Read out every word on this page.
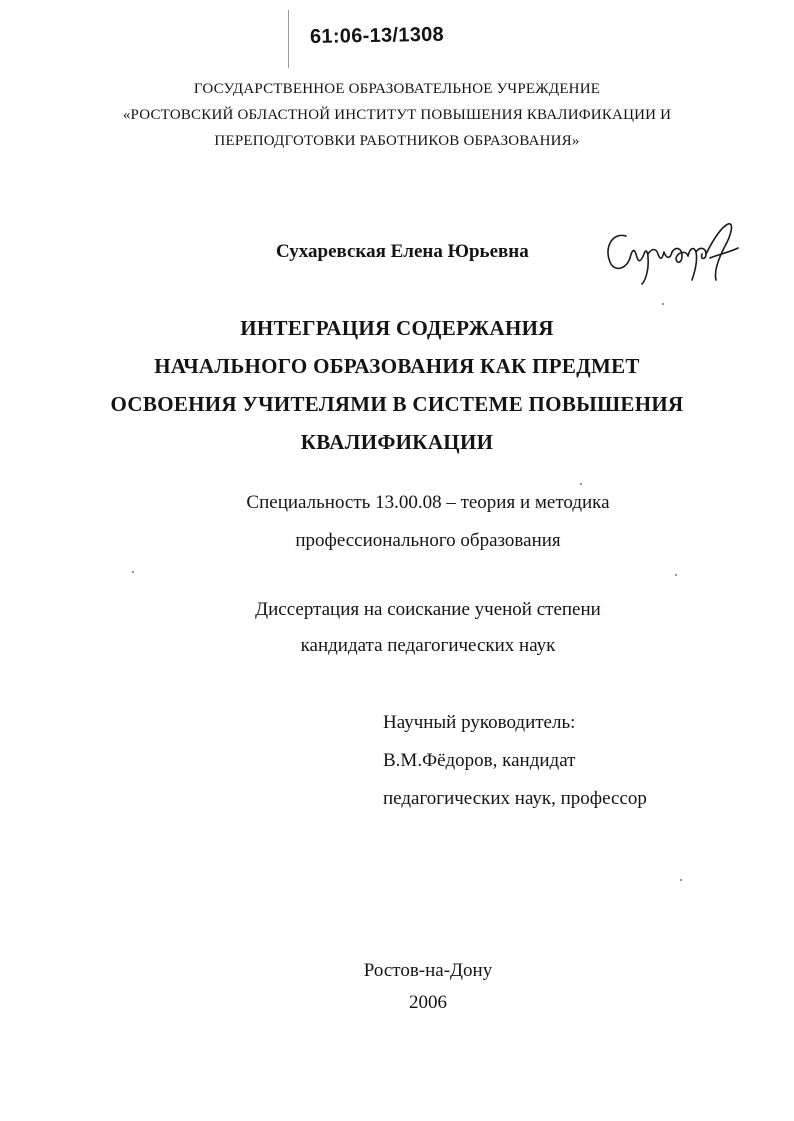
61:06-13/1308
ГОСУДАРСТВЕННОЕ ОБРАЗОВАТЕЛЬНОЕ УЧРЕЖДЕНИЕ
«РОСТОВСКИЙ ОБЛАСТНОЙ ИНСТИТУТ ПОВЫШЕНИЯ КВАЛИФИКАЦИИ И
ПЕРЕПОДГОТОВКИ РАБОТНИКОВ ОБРАЗОВАНИЯ»
Сухаревская Елена Юрьевна
ИНТЕГРАЦИЯ СОДЕРЖАНИЯ
НАЧАЛЬНОГО ОБРАЗОВАНИЯ КАК ПРЕДМЕТ
ОСВОЕНИЯ УЧИТЕЛЯМИ В СИСТЕМЕ ПОВЫШЕНИЯ
КВАЛИФИКАЦИИ
Специальность 13.00.08 – теория и методика
профессионального образования
Диссертация на соискание ученой степени
кандидата педагогических наук
Научный руководитель:
В.М.Фёдоров, кандидат
педагогических наук, профессор
Ростов-на-Дону
2006
